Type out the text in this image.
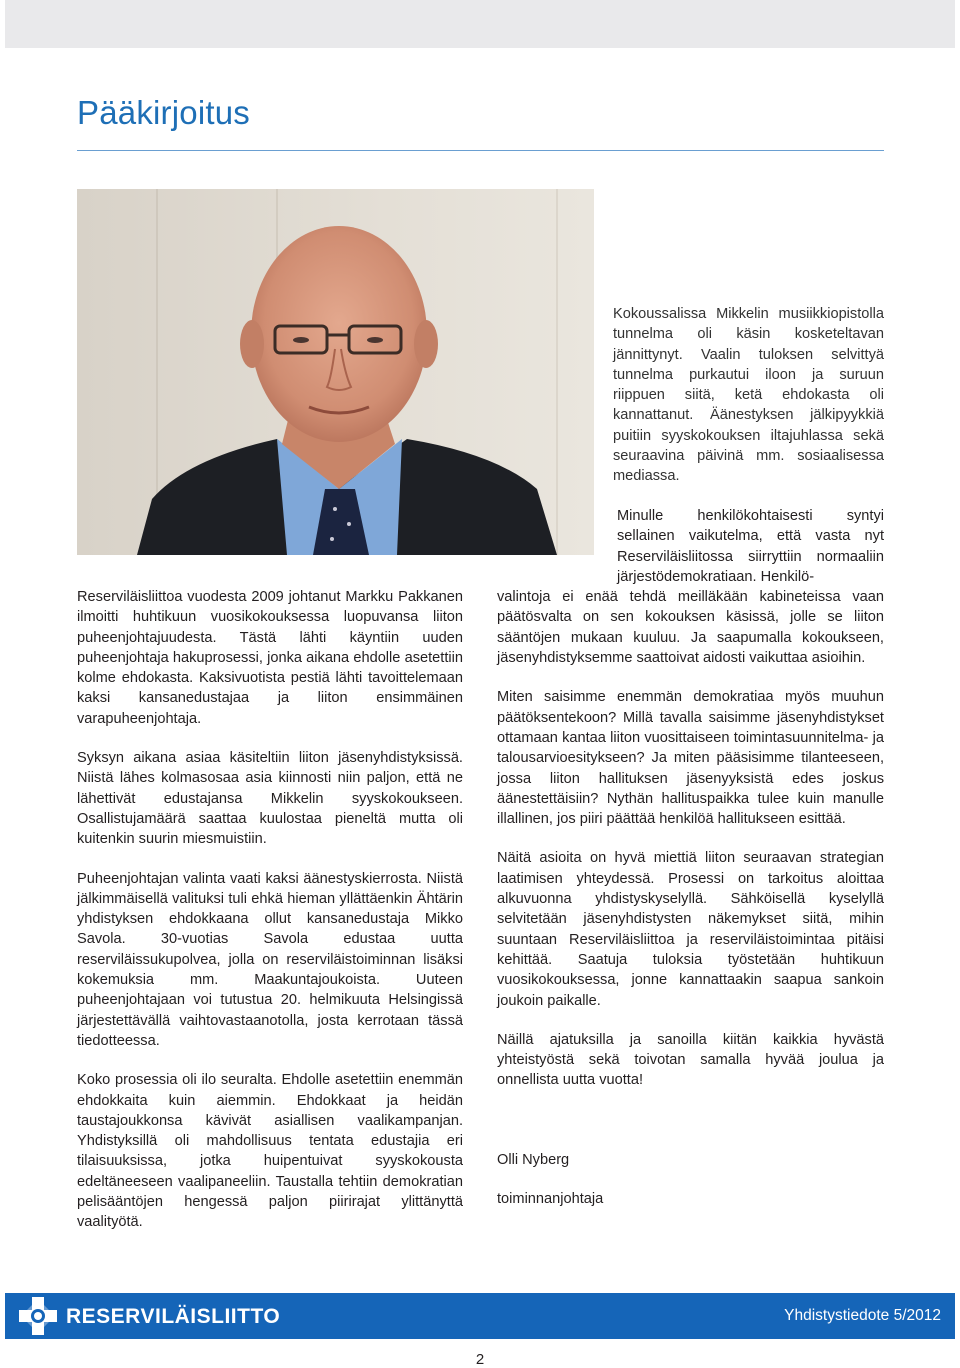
Pääkirjoitus

Kokoussalissa Mikkelin musiikkiopistolla tunnelma oli käsin kosketeltavan jännittynyt. Vaalin tuloksen selvittyä tunnelma purkautui iloon ja suruun riippuen siitä, ketä ehdokasta oli kannattanut. Äänestyksen jälkipyykkiä puitiin syyskokouksen iltajuhlassa sekä seuraavina päivinä mm. sosiaalisessa mediassa.

Reserviläisliittoa vuodesta 2009 johtanut Markku Pakkanen ilmoitti huhtikuun vuosikokouksessa luopuvansa liiton puheenjohtajuudesta. Tästä lähti käyntiin uuden puheenjohtaja hakuprosessi, jonka aikana ehdolle asetettiin kolme ehdokasta. Kaksivuotista pestiä lähti tavoittelemaan kaksi kansanedustajaa ja liiton ensimmäinen varapuheenjohtaja.

Syksyn aikana asiaa käsiteltiin liiton jäsenyhdistyksissä. Niistä lähes kolmasosaa asia kiinnosti niin paljon, että ne lähettivät edustajansa Mikkelin syyskokoukseen. Osallistujamäärä saattaa kuulostaa pieneltä mutta oli kuitenkin suurin miesmuistiin.

Puheenjohtajan valinta vaati kaksi äänestyskierrosta. Niistä jälkimmäisellä valituksi tuli ehkä hieman yllättäenkin Ähtärin yhdistyksen ehdokkaana ollut kansanedustaja Mikko Savola. 30-vuotias Savola edustaa uutta reserviläissukupolvea, jolla on reserviläistoiminnan lisäksi kokemuksia mm. Maakuntajoukoista. Uuteen puheenjohtajaan voi tutustua 20. helmikuuta Helsingissä järjestettävällä vaihtovastaanotolla, josta kerrotaan tässä tiedotteessa.

Koko prosessia oli ilo seuralta. Ehdolle asetettiin enemmän ehdokkaita kuin aiemmin. Ehdokkaat ja heidän taustajoukkonsa kävivät asiallisen vaalikampanjan. Yhdistyksillä oli mahdollisuus tentata edustajia eri tilaisuuksissa, jotka huipentuivat syyskokousta edeltäneeseen vaalipaneeliin. Taustalla tehtiin demokratian pelisääntöjen hengessä paljon piirirajat ylittänyttä vaalityötä.

Minulle henkilökohtaisesti syntyi sellainen vaikutelma, että vasta nyt Reserviläisliitossa siirryttiin normaaliin järjestödemokratiaan. Henkilö-

valintoja ei enää tehdä meilläkään kabineteissa vaan päätösvalta on sen kokouksen käsissä, jolle se liiton sääntöjen mukaan kuuluu. Ja saapumalla kokoukseen, jäsenyhdistyksemme saattoivat aidosti vaikuttaa asioihin.

Miten saisimme enemmän demokratiaa myös muuhun päätöksentekoon? Millä tavalla saisimme jäsenyhdistykset ottamaan kantaa liiton vuosittaiseen toimintasuunnitelma- ja talousarvioesitykseen? Ja miten pääsisimme tilanteeseen, jossa liiton hallituksen jäsenyyksistä edes joskus äänestettäisiin? Nythän hallituspaikka tulee kuin manulle illallinen, jos piiri päättää henkilöä hallitukseen esittää.

Näitä asioita on hyvä miettiä liiton seuraavan strategian laatimisen yhteydessä. Prosessi on tarkoitus aloittaa alkuvuonna yhdistyskyselyllä. Sähköisellä kyselyllä selvitetään jäsenyhdistysten näkemykset siitä, mihin suuntaan Reserviläisliittoa ja reserviläistoimintaa pitäisi kehittää. Saatuja tuloksia työstetään huhtikuun vuosikokouksessa, jonne kannattaakin saapua sankoin joukoin paikalle.

Näillä ajatuksilla ja sanoilla kiitän kaikkia hyvästä yhteistyöstä sekä toivotan samalla hyvää joulua ja onnellista uutta vuotta!

Olli Nyberg

toiminnanjohtaja

RESERVILÄISLIITTO	Yhdistystiedote 5/2012
2
